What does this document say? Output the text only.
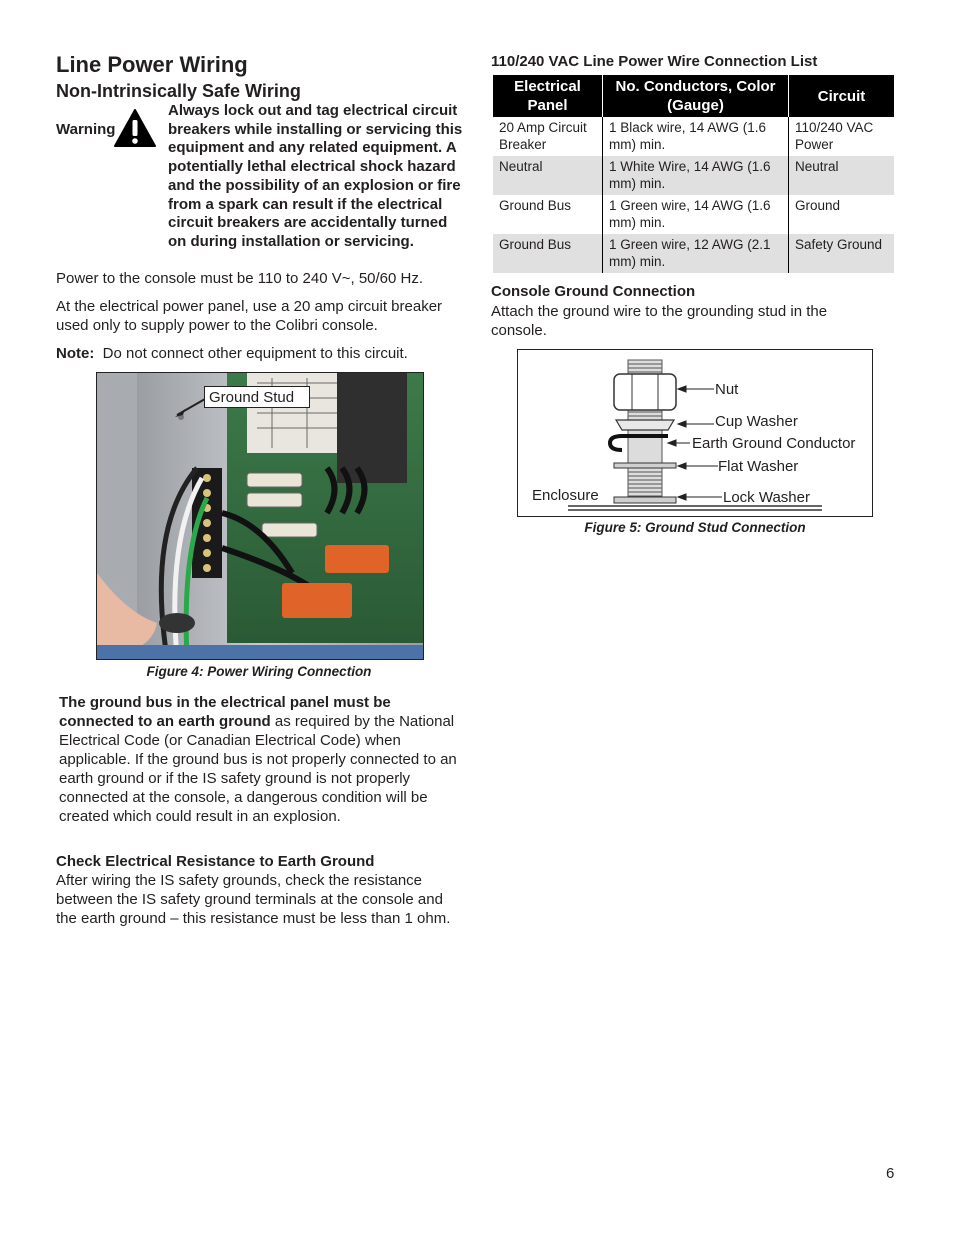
Line Power Wiring
Non-Intrinsically Safe Wiring
Warning
Always lock out and tag electrical circuit breakers while installing or servicing this equipment and any related equipment. A potentially lethal electrical shock hazard and the possibility of an explosion or fire from a spark can result if the electrical circuit breakers are accidentally turned on during installation or servicing.
Power to the console must be 110 to 240 V~, 50/60 Hz.
At the electrical power panel, use a 20 amp circuit breaker used only to supply power to the Colibri console.
Note: Do not connect other equipment to this circuit.
Ground Stud
Figure 4: Power Wiring Connection
The ground bus in the electrical panel must be connected to an earth ground as required by the National Electrical Code (or Canadian Electrical Code) when applicable. If the ground bus is not properly connected to an earth ground or if the IS safety ground is not properly connected at the console, a dangerous condition will be created which could result in an explosion.
Check Electrical Resistance to Earth Ground
After wiring the IS safety grounds, check the resistance between the IS safety ground terminals at the console and the earth ground – this resistance must be less than 1 ohm.
110/240 VAC Line Power Wire Connection List
Electrical Panel	No. Conductors, Color (Gauge)	Circuit
20 Amp Circuit Breaker	1 Black wire, 14 AWG (1.6 mm) min.	110/240 VAC Power
Neutral	1 White Wire, 14 AWG (1.6 mm) min.	Neutral
Ground Bus	1 Green wire, 14 AWG (1.6 mm) min.	Ground
Ground Bus	1 Green wire, 12 AWG (2.1 mm) min.	Safety Ground
Console Ground Connection
Attach the ground wire to the grounding stud in the console.
Nut
Cup Washer
Earth Ground Conductor
Flat Washer
Enclosure	Lock Washer
Figure 5: Ground Stud Connection
6
